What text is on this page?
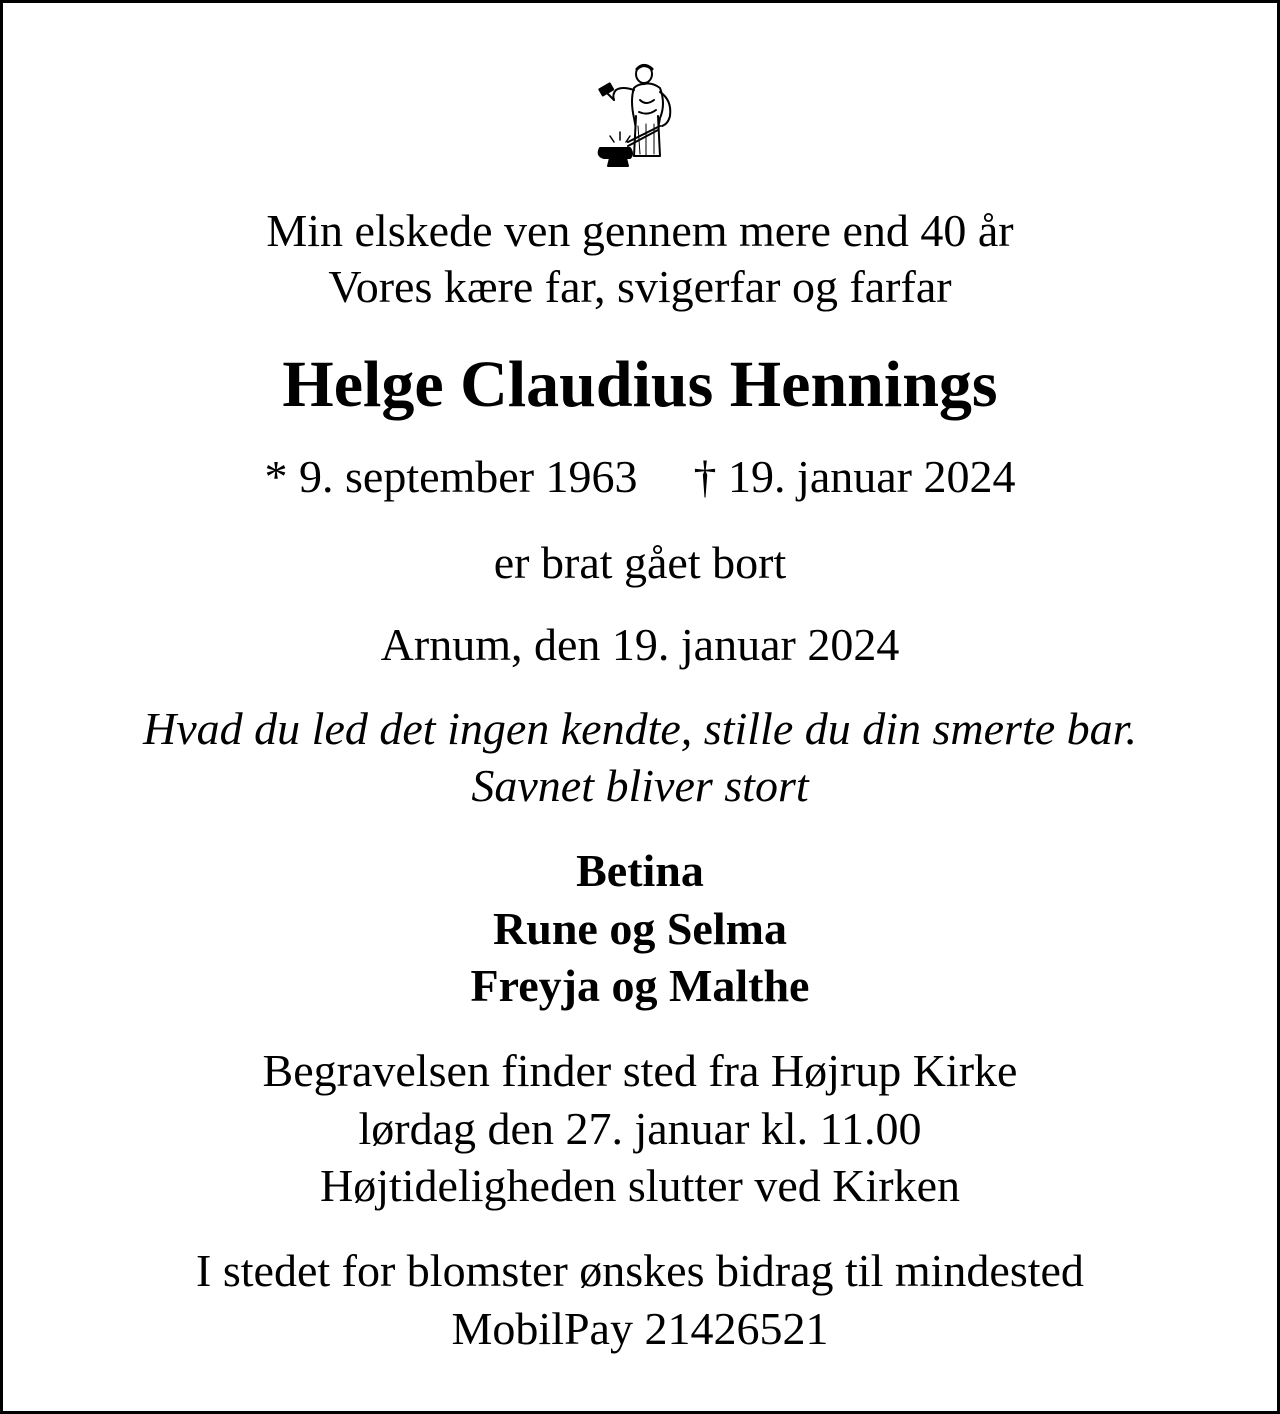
Min elskede ven gennem mere end 40 år
Vores kære far, svigerfar og farfar
Helge Claudius Hennings
* 9. september 1963 † 19. januar 2024
er brat gået bort
Arnum, den 19. januar 2024
Hvad du led det ingen kendte, stille du din smerte bar.
Savnet bliver stort
Betina
Rune og Selma
Freyja og Malthe
Begravelsen finder sted fra Højrup Kirke
lørdag den 27. januar kl. 11.00
Højtideligheden slutter ved Kirken
I stedet for blomster ønskes bidrag til mindested
MobilPay 21426521
